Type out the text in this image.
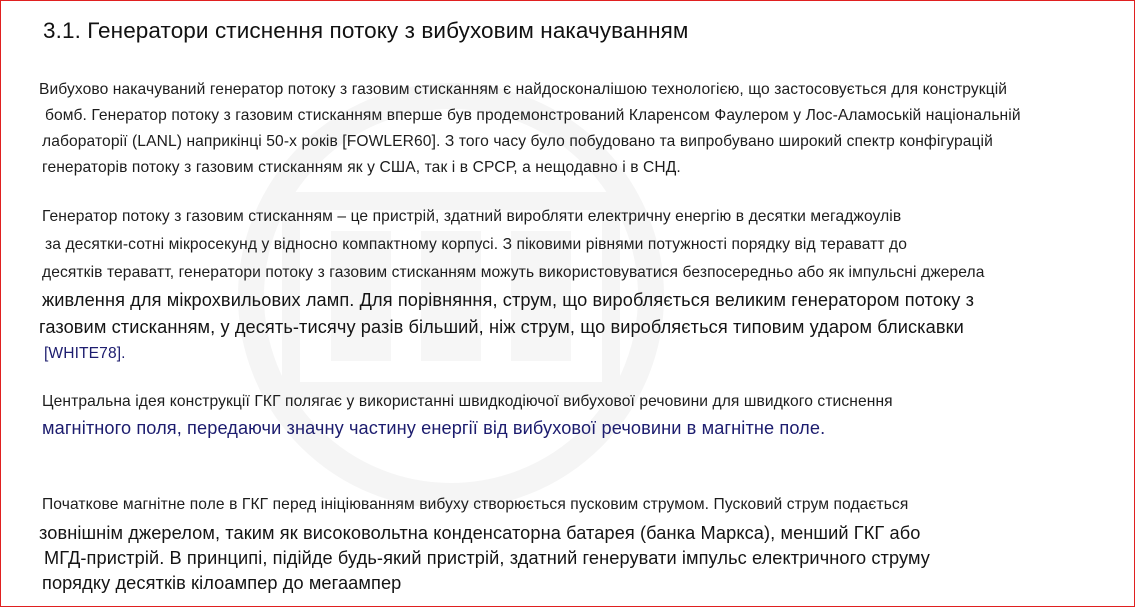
3.1. Генератори стиснення потоку з вибуховим накачуванням
Вибухово накачуваний генератор потоку з газовим стисканням є найдосконалішою технологією, що застосовується для конструкцій
бомб. Генератор потоку з газовим стисканням вперше був продемонстрований Кларенсом Фаулером у Лос-Аламоській національній
лабораторії (LANL) наприкінці 50-х років [FOWLER60]. З того часу було побудовано та випробувано широкий спектр конфігурацій
генераторів потоку з газовим стисканням як у США, так і в СРСР, а нещодавно і в СНД.
Генератор потоку з газовим стисканням – це пристрій, здатний виробляти електричну енергію в десятки мегаджоулів
за десятки-сотні мікросекунд у відносно компактному корпусі. З піковими рівнями потужності порядку від тераватт до
десятків тераватт, генератори потоку з газовим стисканням можуть використовуватися безпосередньо або як імпульсні джерела
живлення для мікрохвильових ламп. Для порівняння, струм, що виробляється великим генератором потоку з
газовим стисканням, у десять-тисячу разів більший, ніж струм, що виробляється типовим ударом блискавки
[WHITE78].
Центральна ідея конструкції ГКГ полягає у використанні швидкодіючої вибухової речовини для швидкого стиснення
магнітного поля, передаючи значну частину енергії від вибухової речовини в магнітне поле.
Початкове магнітне поле в ГКГ перед ініціюванням вибуху створюється пусковим струмом. Пусковий струм подається
зовнішнім джерелом, таким як високовольтна конденсаторна батарея (банка Маркса), менший ГКГ або
МГД-пристрій. В принципі, підійде будь-який пристрій, здатний генерувати імпульс електричного струму
порядку десятків кілоампер до мегаампер
